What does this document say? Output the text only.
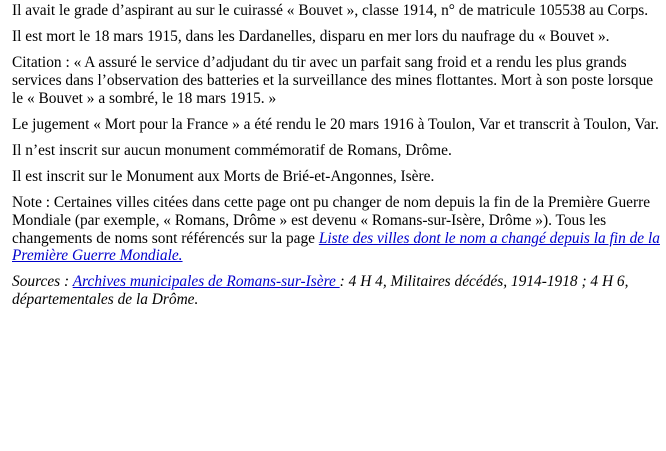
Il avait le grade d’aspirant au sur le cuirassé « Bouvet », classe 1914, n° de matricule 105538 au Corps.

Il est mort le 18 mars 1915, dans les Dardanelles, disparu en mer lors du naufrage du « Bouvet ».

Citation : « A assuré le service d’adjudant du tir avec un parfait sang froid et a rendu les plus grands services dans l’observation des batteries et la surveillance des mines flottantes. Mort à son poste lorsque le « Bouvet » a sombré, le 18 mars 1915. »

Le jugement « Mort pour la France » a été rendu le 20 mars 1916 à Toulon, Var et transcrit à Toulon, Var.

Il n’est inscrit sur aucun monument commémoratif de Romans, Drôme.

Il est inscrit sur le Monument aux Morts de Brié-et-Angonnes, Isère.

Note : Certaines villes citées dans cette page ont pu changer de nom depuis la fin de la Première Guerre Mondiale (par exemple, « Romans, Drôme » est devenu « Romans-sur-Isère, Drôme »). Tous les changements de noms sont référencés sur la page Liste des villes dont le nom a changé depuis la fin de la Première Guerre Mondiale.

Sources : Archives municipales de Romans-sur-Isère : 4 H 4, Militaires décédés, 1914-1918 ; 4 H 6, départementales de la Drôme.
